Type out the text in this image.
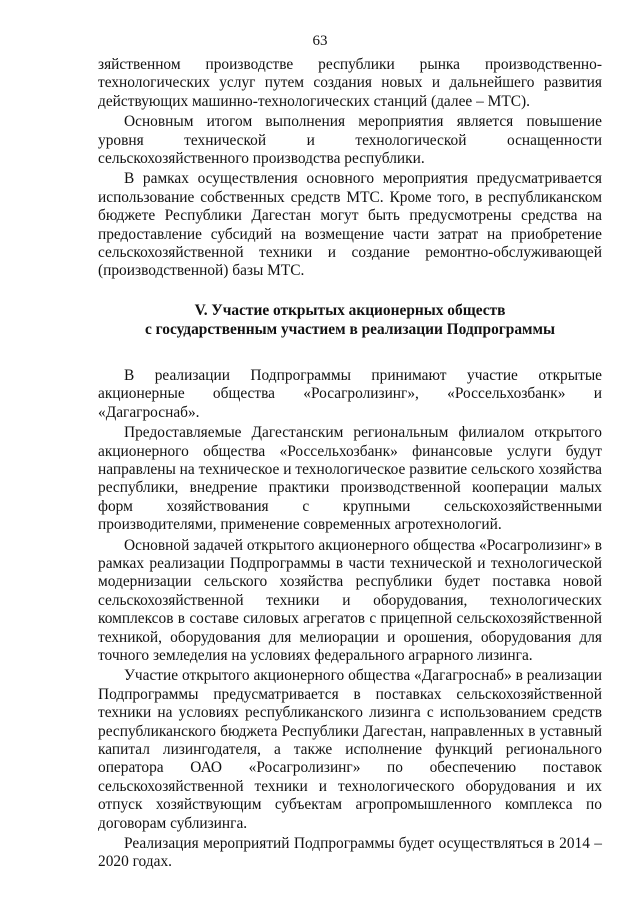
63

зяйственном производстве республики рынка производственно-технологических услуг путем создания новых и дальнейшего развития действующих машинно-технологических станций (далее – МТС).

Основным итогом выполнения мероприятия является повышение уровня технической и технологической оснащенности сельскохозяйственного производства республики.

В рамках осуществления основного мероприятия предусматривается использование собственных средств МТС. Кроме того, в республиканском бюджете Республики Дагестан могут быть предусмотрены средства на предоставление субсидий на возмещение части затрат на приобретение сельскохозяйственной техники и создание ремонтно-обслуживающей (производственной) базы МТС.

V. Участие открытых акционерных обществ
с государственным участием в реализации Подпрограммы

В реализации Подпрограммы принимают участие открытые акционерные общества «Росагролизинг», «Россельхозбанк» и «Дагагроснаб».

Предоставляемые Дагестанским региональным филиалом открытого акционерного общества «Россельхозбанк» финансовые услуги будут направлены на техническое и технологическое развитие сельского хозяйства республики, внедрение практики производственной кооперации малых форм хозяйствования с крупными сельскохозяйственными производителями, применение современных агротехнологий.

Основной задачей открытого акционерного общества «Росагролизинг» в рамках реализации Подпрограммы в части технической и технологической модернизации сельского хозяйства республики будет поставка новой сельскохозяйственной техники и оборудования, технологических комплексов в составе силовых агрегатов с прицепной сельскохозяйственной техникой, оборудования для мелиорации и орошения, оборудования для точного земледелия на условиях федерального аграрного лизинга.

Участие открытого акционерного общества «Дагагроснаб» в реализации Подпрограммы предусматривается в поставках сельскохозяйственной техники на условиях республиканского лизинга с использованием средств республиканского бюджета Республики Дагестан, направленных в уставный капитал лизингодателя, а также исполнение функций регионального оператора ОАО «Росагролизинг» по обеспечению поставок сельскохозяйственной техники и технологического оборудования и их отпуск хозяйствующим субъектам агропромышленного комплекса по договорам сублизинга.

Реализация мероприятий Подпрограммы будет осуществляться в 2014 – 2020 годах.
